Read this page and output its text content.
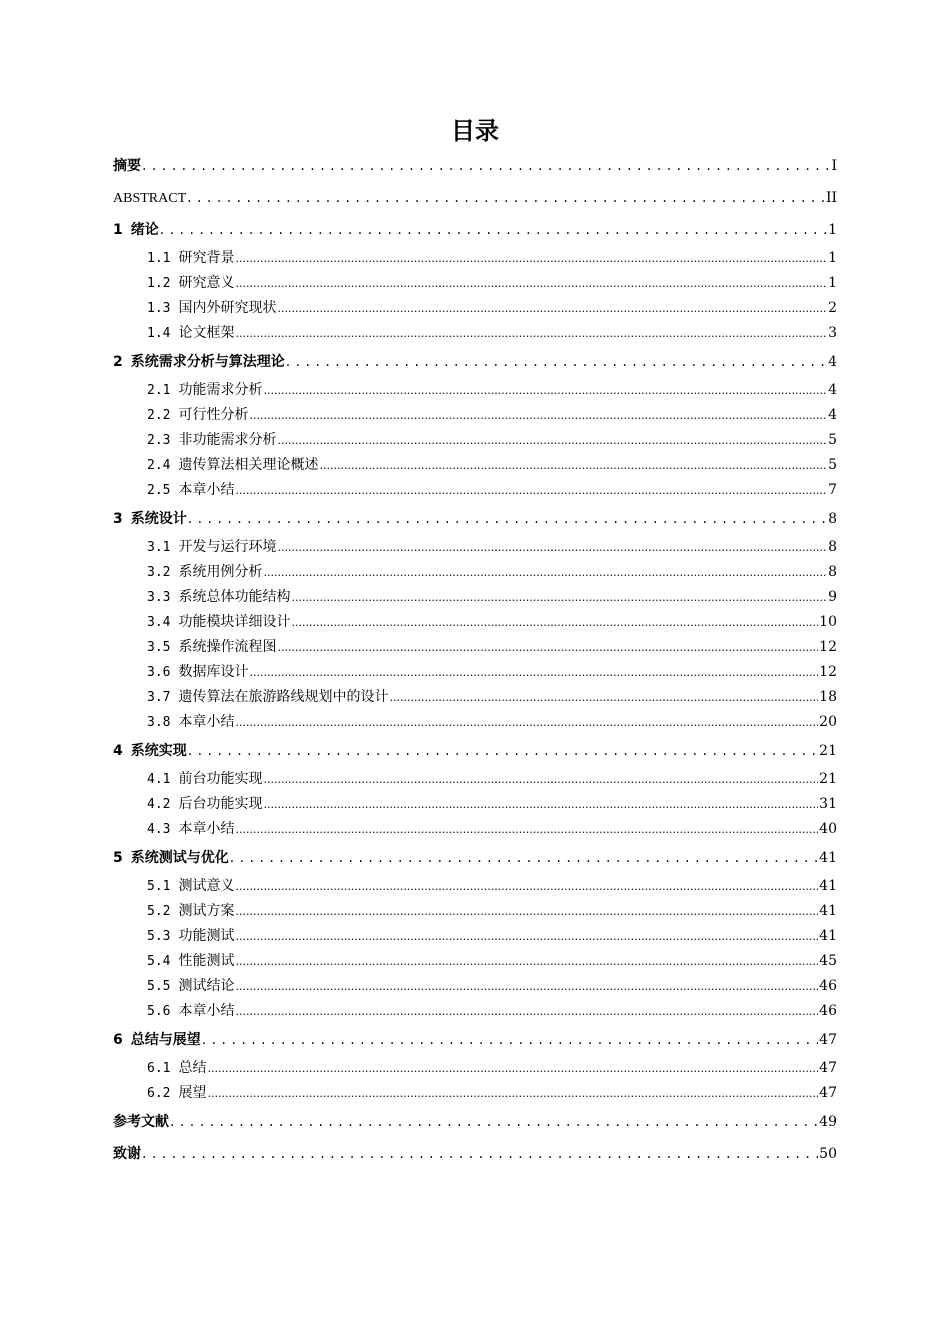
目录
摘要 . . .	I
ABSTRACT . . .	II
1 绪论 . . .	1
1.1 研究背景 .....	1
1.2 研究意义 .....	1
1.3 国内外研究现状 .....	2
1.4 论文框架 .....	3
2 系统需求分析与算法理论 . . .	4
2.1 功能需求分析 .....	4
2.2 可行性分析 .....	4
2.3 非功能需求分析 .....	5
2.4 遗传算法相关理论概述 .....	5
2.5 本章小结 .....	7
3 系统设计 . . .	8
3.1 开发与运行环境 .....	8
3.2 系统用例分析 .....	8
3.3 系统总体功能结构 .....	9
3.4 功能模块详细设计 .....	10
3.5 系统操作流程图 .....	12
3.6 数据库设计 .....	12
3.7 遗传算法在旅游路线规划中的设计 .....	18
3.8 本章小结 .....	20
4 系统实现 . . .	21
4.1 前台功能实现 .....	21
4.2 后台功能实现 .....	31
4.3 本章小结 .....	40
5 系统测试与优化 . . .	41
5.1 测试意义 .....	41
5.2 测试方案 .....	41
5.3 功能测试 .....	41
5.4 性能测试 .....	45
5.5 测试结论 .....	46
5.6 本章小结 .....	46
6 总结与展望 . . .	47
6.1 总结 .....	47
6.2 展望 .....	47
参考文献 . . .	49
致谢 . . .	50
